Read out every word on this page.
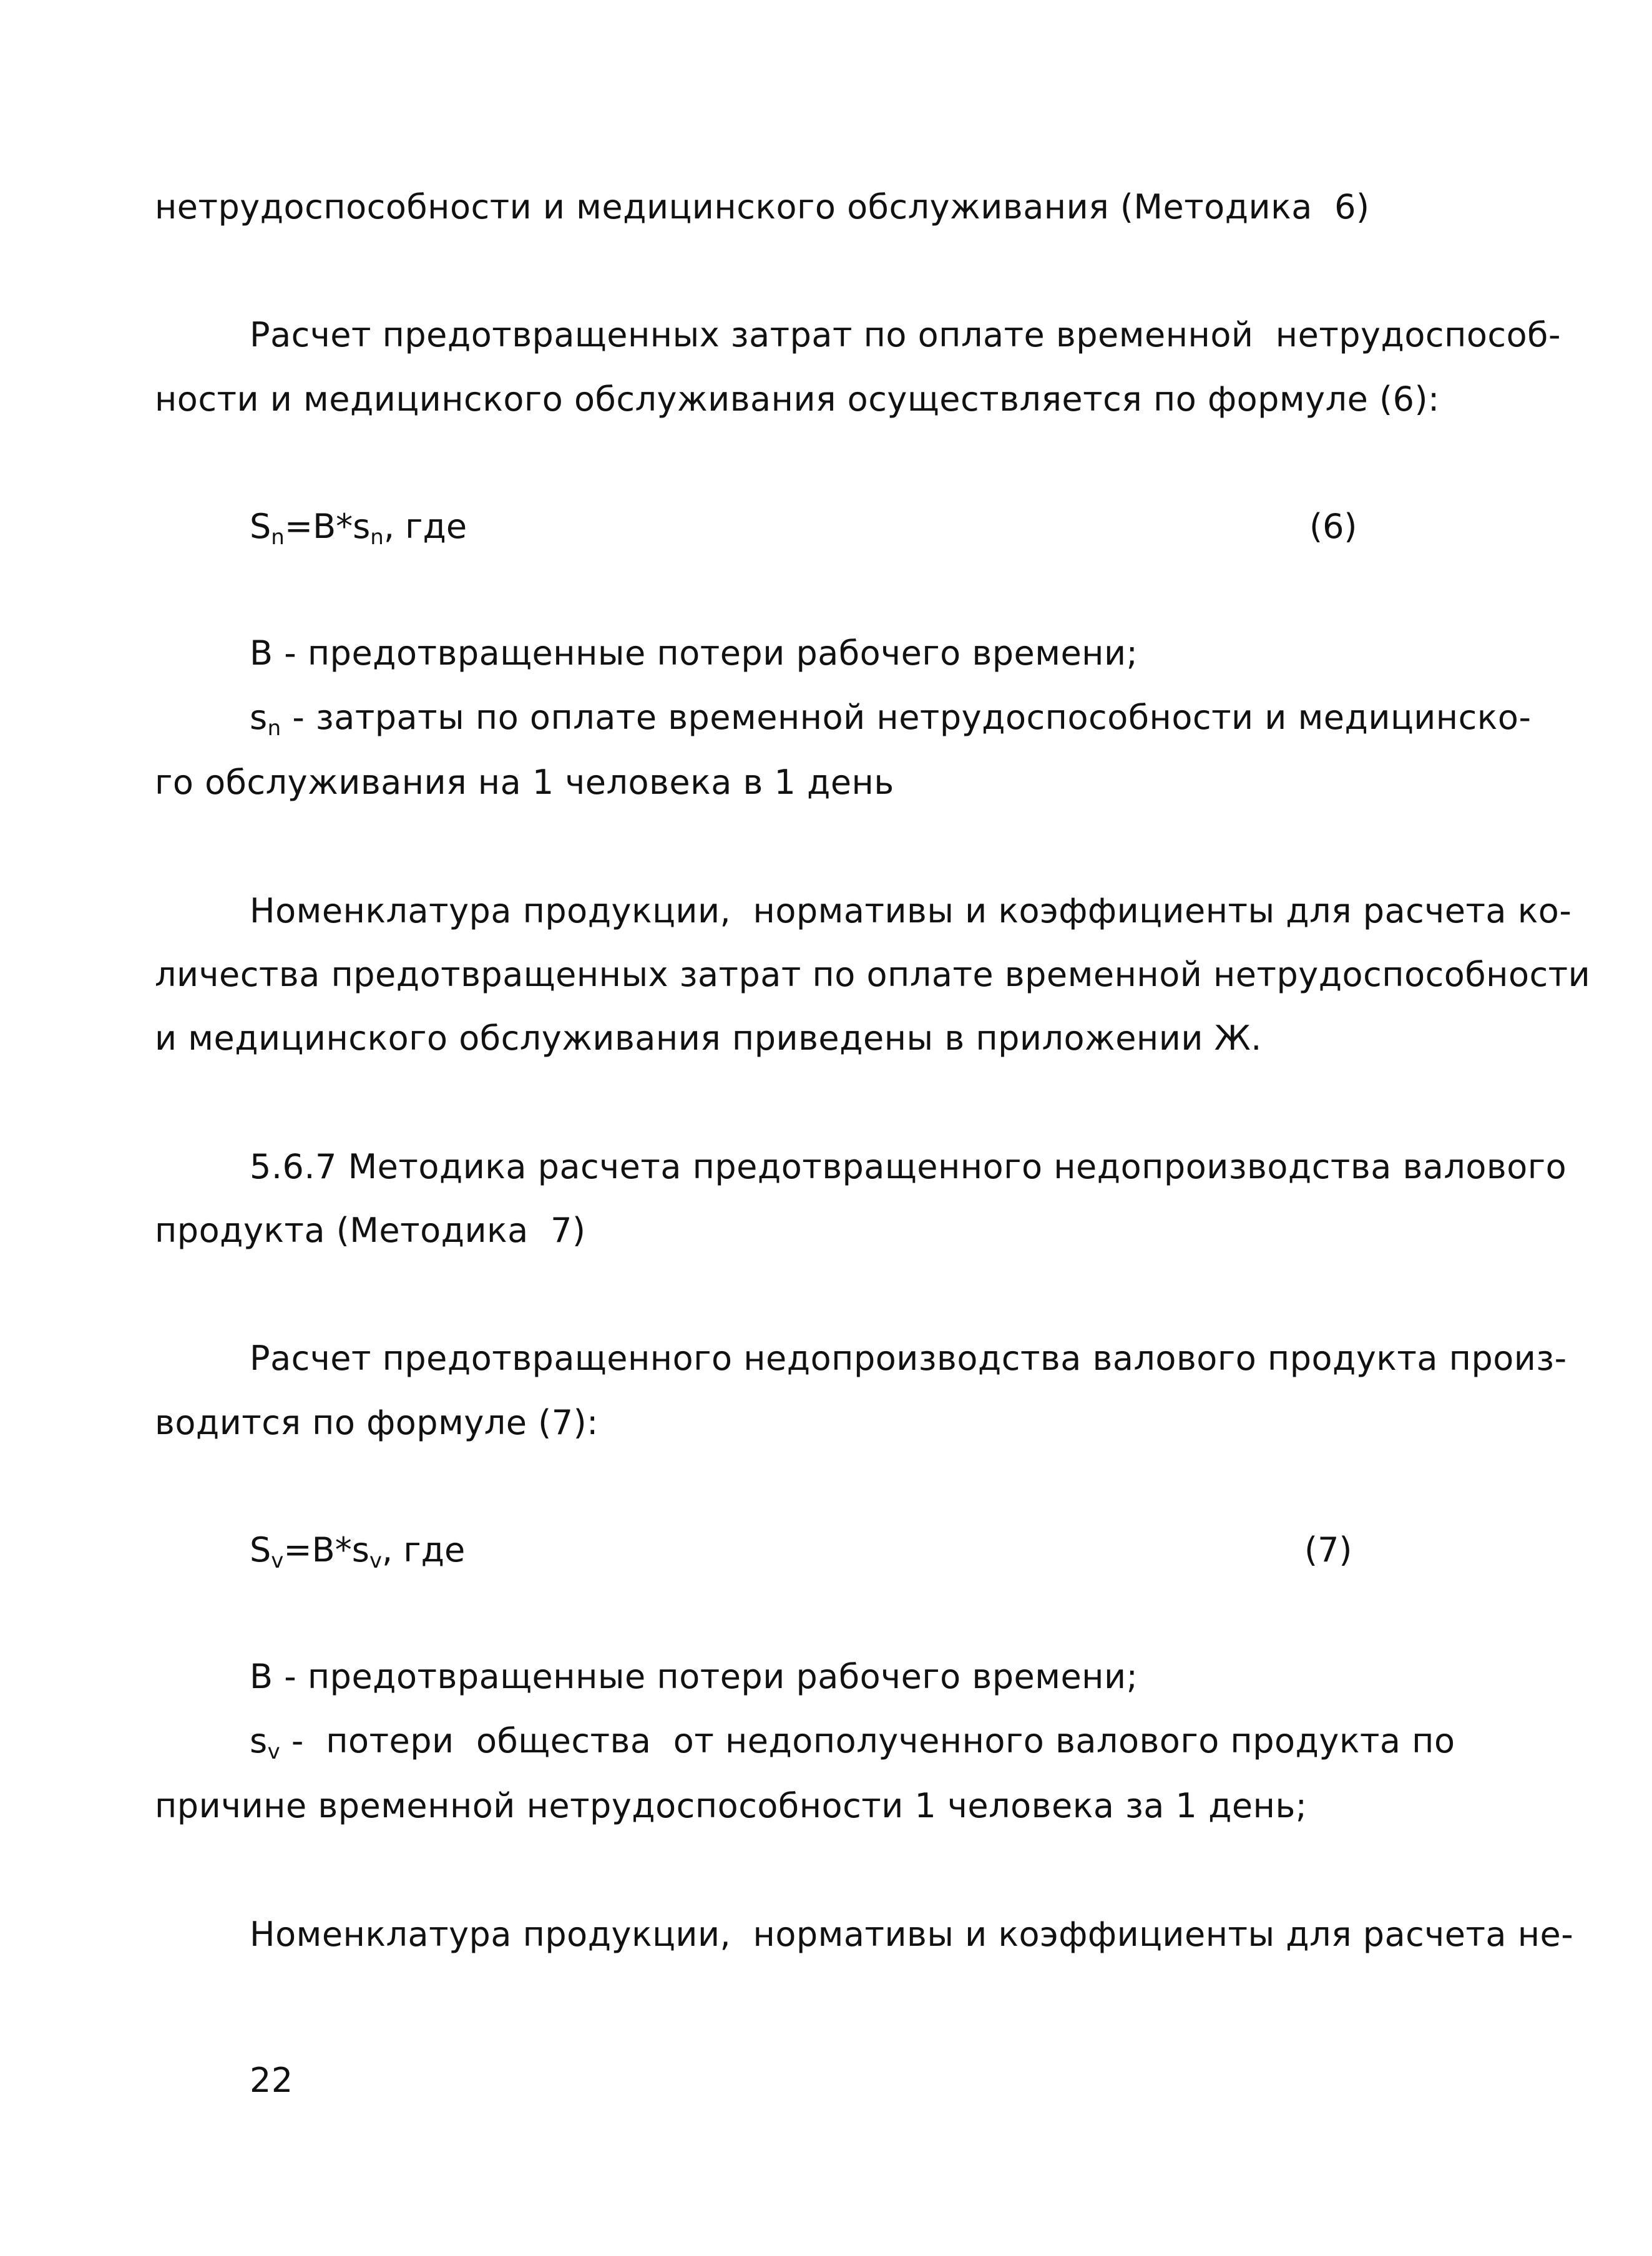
нетрудоспособности и медицинского обслуживания (Методика  6)
Расчет предотвращенных затрат по оплате временной  нетрудоспособ-
ности и медицинского обслуживания осуществляется по формуле (6):
$S_n=B*s_n$, где	(6)
B - предотвращенные потери рабочего времени;
$s_n$ - затраты по оплате временной нетрудоспособности и медицинско-
го обслуживания на 1 человека в 1 день
Номенклатура продукции,  нормативы и коэффициенты для расчета ко-
личества предотвращенных затрат по оплате временной нетрудоспособности
и медицинского обслуживания приведены в приложении Ж.
5.6.7 Методика расчета предотвращенного недопроизводства валового
продукта (Методика  7)
Расчет предотвращенного недопроизводства валового продукта произ-
водится по формуле (7):
$S_v=B*s_v$, где	(7)
B - предотвращенные потери рабочего времени;
$s_v$ -  потери  общества  от недополученного валового продукта по
причине временной нетрудоспособности 1 человека за 1 день;
Номенклатура продукции,  нормативы и коэффициенты для расчета не-
22
